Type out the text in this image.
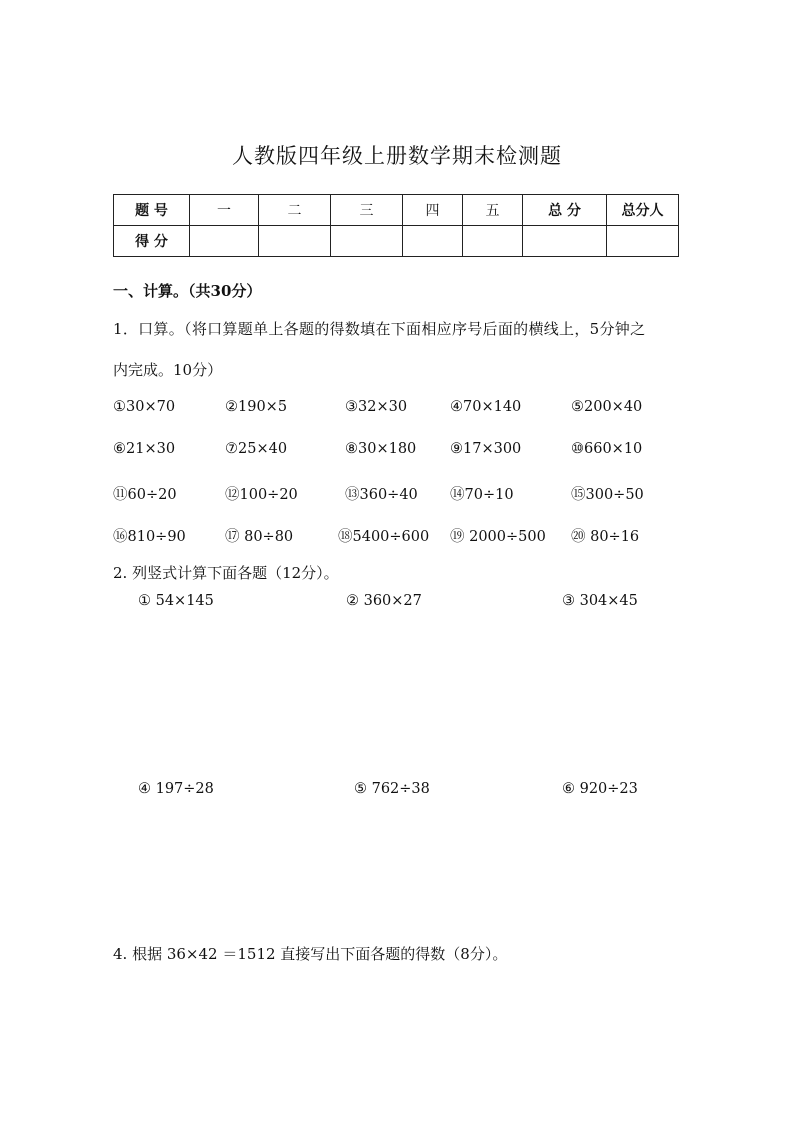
人教版四年级上册数学期末检测题
题 号	一	二	三	四	五	总 分	总分人
得 分							
一、计算。（共30分）
1．口算。（将口算题单上各题的得数填在下面相应序号后面的横线上，5分钟之
内完成。10分）
①30×70	②190×5	③32×30	④70×140	⑤200×40
⑥21×30	⑦25×40	⑧30×180 ⑨17×300	⑩660×10
⑪60÷20	⑫100÷20	⑬360÷40 ⑭70÷10	⑮300÷50
⑯810÷90	⑰ 80÷80	⑱5400÷600 ⑲ 2000÷500 ⑳ 80÷16
2. 列竖式计算下面各题（12分）。
① 54×145	② 360×27	③ 304×45
④ 197÷28	⑤ 762÷38	⑥ 920÷23
4. 根据 36×42 ＝1512 直接写出下面各题的得数（8分）。
